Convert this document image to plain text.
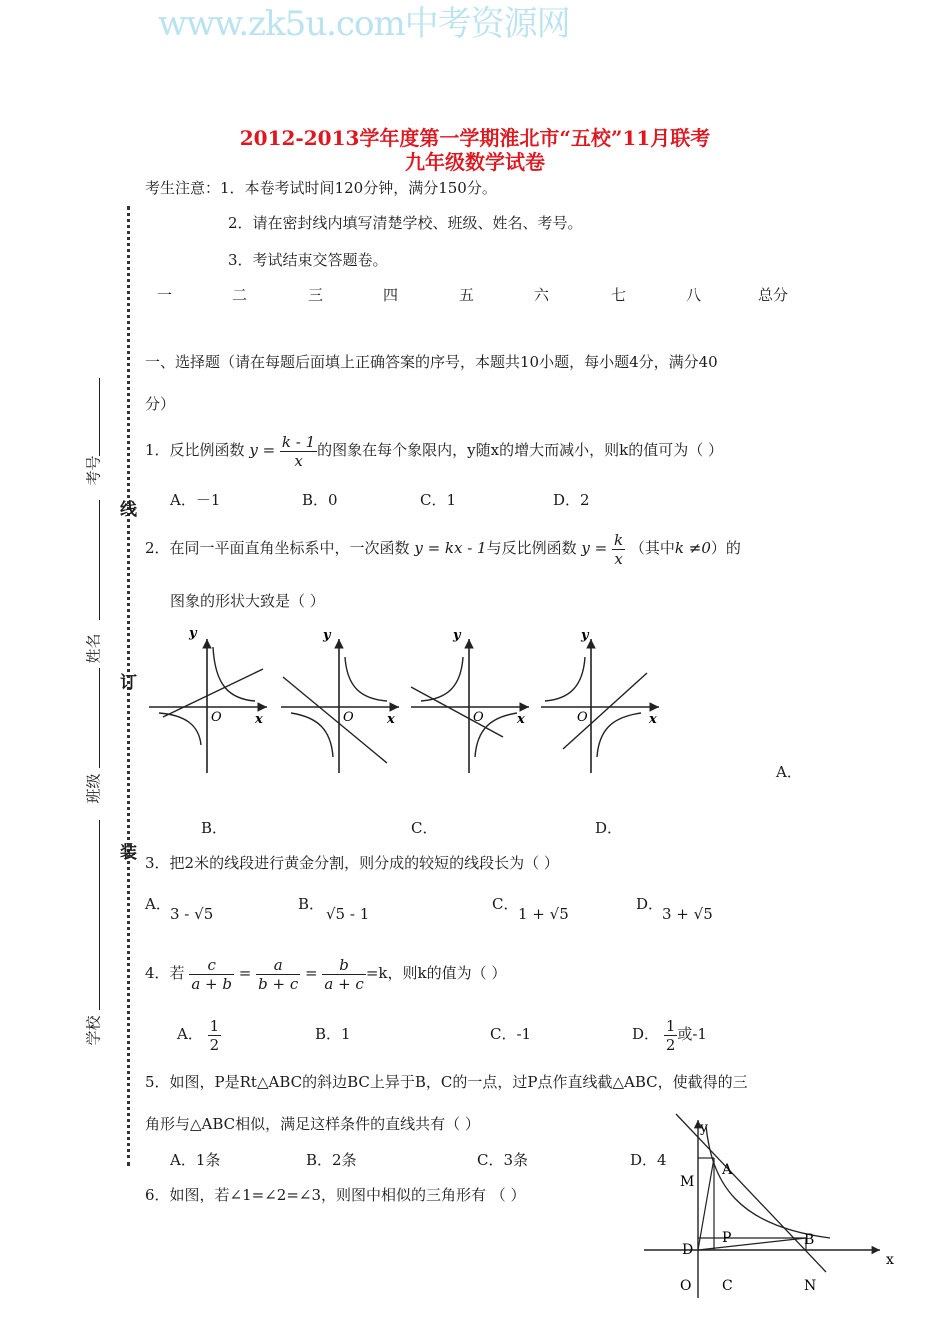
www.zk5u.com中考资源网
2012-2013学年度第一学期淮北市“五校”11月联考
九年级数学试卷
考生注意：1．本卷考试时间120分钟，满分150分。
2．请在密封线内填写清楚学校、班级、姓名、考号。
3．考试结束交答题卷。
一	二	三	四	五	六	七	八	总分
考号
姓名
班级
学校
线
订
装
一、选择题（请在每题后面填上正确答案的序号，本题共10小题，每小题4分，满分40
分）
1．反比例函数 $y = \frac{k - 1}{x}$ 的图象在每个象限内，y随x的增大而减小，则k的值可为（ ）
A．－1	B．0	C．1	D．2
2．在同一平面直角坐标系中，一次函数 y = kx - 1与反比例函数 $y = \frac{k}{x}$ （其中k ≠0）的
图象的形状大致是（ ）
y
O	x
y
O	x
y
O	x
y
O	x
A．
B．	C．	D．
3．把2米的线段进行黄金分割，则分成的较短的线段长为（ ）
A．
3 - √5
B．
√5 - 1
C．
1 + √5
D．
3 + √5
4．若 $\frac{c}{a + b} = \frac{a}{b + c} = \frac{b}{a + c} =k$，则k的值为（ ）
A． $\frac{1}{2}$	B．1	C．-1	D． $\frac{1}{2}$ 或-1
5．如图，P是Rt△ABC的斜边BC上异于B，C的一点，过P点作直线截△ABC，使截得的三
角形与△ABC相似，满足这样条件的直线共有（ ）
A．1条	B．2条	C．3条	D．4
6．如图，若∠1=∠2=∠3，则图中相似的三角形有 （ ）
y
x
A
M
P	B
D
O C	N
